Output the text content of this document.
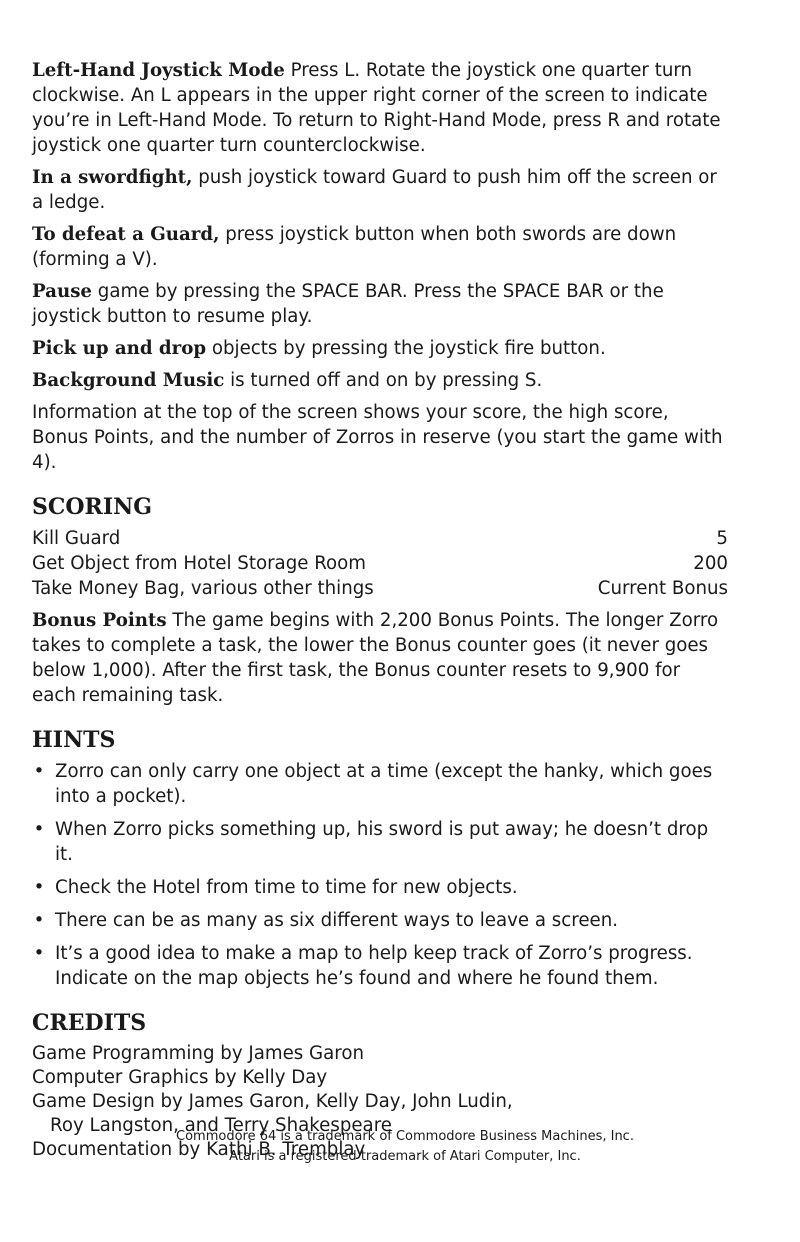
Left-Hand Joystick Mode Press L. Rotate the joystick one quarter turn clockwise. An L appears in the upper right corner of the screen to indicate you’re in Left-Hand Mode. To return to Right-Hand Mode, press R and rotate joystick one quarter turn counterclockwise.

In a swordfight, push joystick toward Guard to push him off the screen or a ledge.

To defeat a Guard, press joystick button when both swords are down (forming a V).

Pause game by pressing the SPACE BAR. Press the SPACE BAR or the joystick button to resume play.

Pick up and drop objects by pressing the joystick fire button.

Background Music is turned off and on by pressing S.

Information at the top of the screen shows your score, the high score, Bonus Points, and the number of Zorros in reserve (you start the game with 4).

SCORING
Kill Guard	5
Get Object from Hotel Storage Room	200
Take Money Bag, various other things	Current Bonus

Bonus Points The game begins with 2,200 Bonus Points. The longer Zorro takes to complete a task, the lower the Bonus counter goes (it never goes below 1,000). After the first task, the Bonus counter resets to 9,900 for each remaining task.

HINTS
• Zorro can only carry one object at a time (except the hanky, which goes into a pocket).
• When Zorro picks something up, his sword is put away; he doesn’t drop it.
• Check the Hotel from time to time for new objects.
• There can be as many as six different ways to leave a screen.
• It’s a good idea to make a map to help keep track of Zorro’s progress. Indicate on the map objects he’s found and where he found them.
CREDITS
Game Programming by James Garon
Computer Graphics by Kelly Day
Game Design by James Garon, Kelly Day, John Ludin,
Roy Langston, and Terry Shakespeare
Documentation by Kathi B. Tremblay
Commodore 64 is a trademark of Commodore Business Machines, Inc.
Atari is a registered trademark of Atari Computer, Inc.
